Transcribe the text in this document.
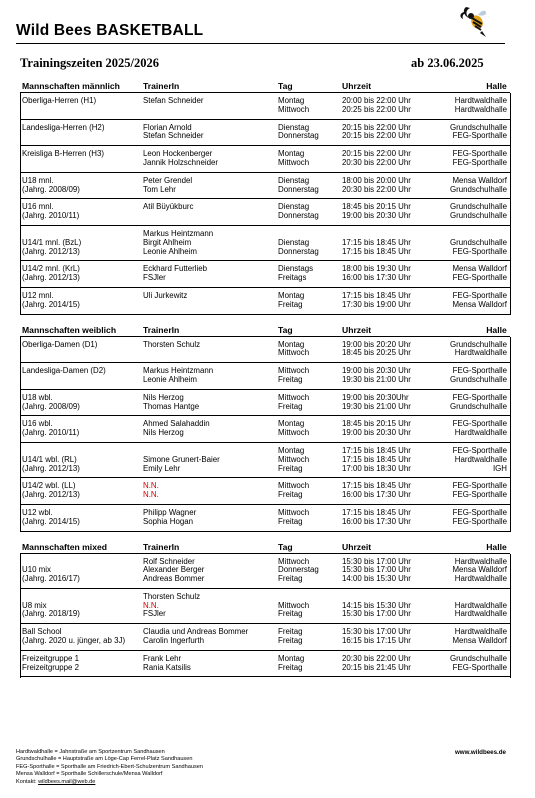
Wild Bees BASKETBALL
Trainingszeiten 2025/2026	ab 23.06.2025
Mannschaften männlich	TrainerIn	Tag	Uhrzeit	Halle

Oberliga-Herren (H1)	Stefan Schneider	Montag	20:00 bis 22:00 Uhr	Hardtwaldhalle
		Mittwoch	20:25 bis 22:00 Uhr	Hardtwaldhalle

Landesliga-Herren (H2)	Florian Arnold	Dienstag	20:15 bis 22:00 Uhr	Grundschulhalle
	Stefan Schneider	Donnerstag	20:15 bis 22:00 Uhr	FEG-Sporthalle

Kreisliga B-Herren (H3)	Leon Hockenberger	Montag	20:15 bis 22:00 Uhr	FEG-Sporthalle
	Jannik Holzschneider	Mittwoch	20:30 bis 22:00 Uhr	FEG-Sporthalle

U18 mnl.	Peter Grendel	Dienstag	18:00 bis 20:00 Uhr	Mensa Walldorf
(Jahrg. 2008/09)	Tom Lehr	Donnerstag	20:30 bis 22:00 Uhr	Grundschulhalle

U16 mnl.	Atil Büyükburc	Dienstag	18:45 bis 20:15 Uhr	Grundschulhalle
(Jahrg. 2010/11)		Donnerstag	19:00 bis 20:30 Uhr	Grundschulhalle

	Markus Heintzmann			
U14/1 mnl. (BzL)	Birgit Ahlheim	Dienstag	17:15 bis 18:45 Uhr	Grundschulhalle
(Jahrg. 2012/13)	Leonie Ahlheim	Donnerstag	17:15 bis 18:45 Uhr	FEG-Sporthalle

U14/2 mnl. (KrL)	Eckhard Futterlieb	Dienstags	18:00 bis 19:30 Uhr	Mensa Walldorf
(Jahrg. 2012/13)	FSJler	Freitags	16:00 bis 17:30 Uhr	FEG-Sporthalle

U12 mnl.	Uli Jurkewitz	Montag	17:15 bis 18:45 Uhr	FEG-Sporthalle
(Jahrg. 2014/15)		Freitag	17:30 bis 19:00 Uhr	Mensa Walldorf

Mannschaften weiblich	TrainerIn	Tag	Uhrzeit	Halle

Oberliga-Damen (D1)	Thorsten Schulz	Montag	19:00 bis 20:20 Uhr	Grundschulhalle
		Mittwoch	18:45 bis 20:25 Uhr	Hardtwaldhalle

Landesliga-Damen (D2)	Markus Heintzmann	Mittwoch	19:00 bis 20:30 Uhr	FEG-Sporthalle
	Leonie Ahlheim	Freitag	19:30 bis 21:00 Uhr	Grundschulhalle

U18 wbl.	Nils Herzog	Mittwoch	19:00 bis 20:30Uhr	FEG-Sporthalle
(Jahrg. 2008/09)	Thomas Hantge	Freitag	19:30 bis 21:00 Uhr	Grundschulhalle

U16 wbl.	Ahmed Salahaddin	Montag	18:45 bis 20:15 Uhr	FEG-Sporthalle
(Jahrg. 2010/11)	Nils Herzog	Mittwoch	19:00 bis 20:30 Uhr	Hardtwaldhalle

		Montag	17:15 bis 18:45 Uhr	FEG-Sporthalle
U14/1 wbl. (RL)	Simone Grunert-Baier	Mittwoch	17:15 bis 18:45 Uhr	Hardtwaldhalle
(Jahrg. 2012/13)	Emily Lehr	Freitag	17:00 bis 18:30 Uhr	IGH

U14/2 wbl. (LL)	N.N.	Mittwoch	17:15 bis 18:45 Uhr	FEG-Sporthalle
(Jahrg. 2012/13)	N.N.	Freitag	16:00 bis 17:30 Uhr	FEG-Sporthalle

U12 wbl.	Philipp Wagner	Mittwoch	17:15 bis 18:45 Uhr	FEG-Sporthalle
(Jahrg. 2014/15)	Sophia Hogan	Freitag	16:00 bis 17:30 Uhr	FEG-Sporthalle

Mannschaften mixed	TrainerIn	Tag	Uhrzeit	Halle

	Rolf Schneider	Mittwoch	15:30 bis 17:00 Uhr	Hardtwaldhalle
U10 mix	Alexander Berger	Donnerstag	15:30 bis 17:00 Uhr	Mensa Walldorf
(Jahrg. 2016/17)	Andreas Bommer	Freitag	14:00 bis 15:30 Uhr	Hardtwaldhalle

	Thorsten Schulz			
U8 mix	N.N.	Mittwoch	14:15 bis 15:30 Uhr	Hardtwaldhalle
(Jahrg. 2018/19)	FSJler	Freitag	15:30 bis 17:00 Uhr	Hardtwaldhalle

Ball School	Claudia und Andreas Bommer	Freitag	15:30 bis 17:00 Uhr	Hardtwaldhalle
(Jahrg. 2020 u. jünger, ab 3J)	Carolin Ingerfurth	Freitag	16:15 bis 17:15 Uhr	Mensa Walldorf

Freizeitgruppe 1	Frank Lehr	Montag	20:30 bis 22:00 Uhr	Grundschulhalle
Freizeitgruppe 2	Rania Katsilis	Freitag	20:15 bis 21:45 Uhr	FEG-Sporthalle

Hardtwaldhalle = Jahnstraße am Sportzentrum Sandhausen
Grundschulhalle = Hauptstraße am Löge-Cap Ferrel-Platz Sandhausen
FEG-Sporthalle = Sporthalle am Friedrich-Ebert-Schulzentrum Sandhausen
Mensa Walldorf = Sporthalle Schillerschule/Mensa Walldorf
Kontakt: wildbees.mail@web.de
www.wildbees.de
